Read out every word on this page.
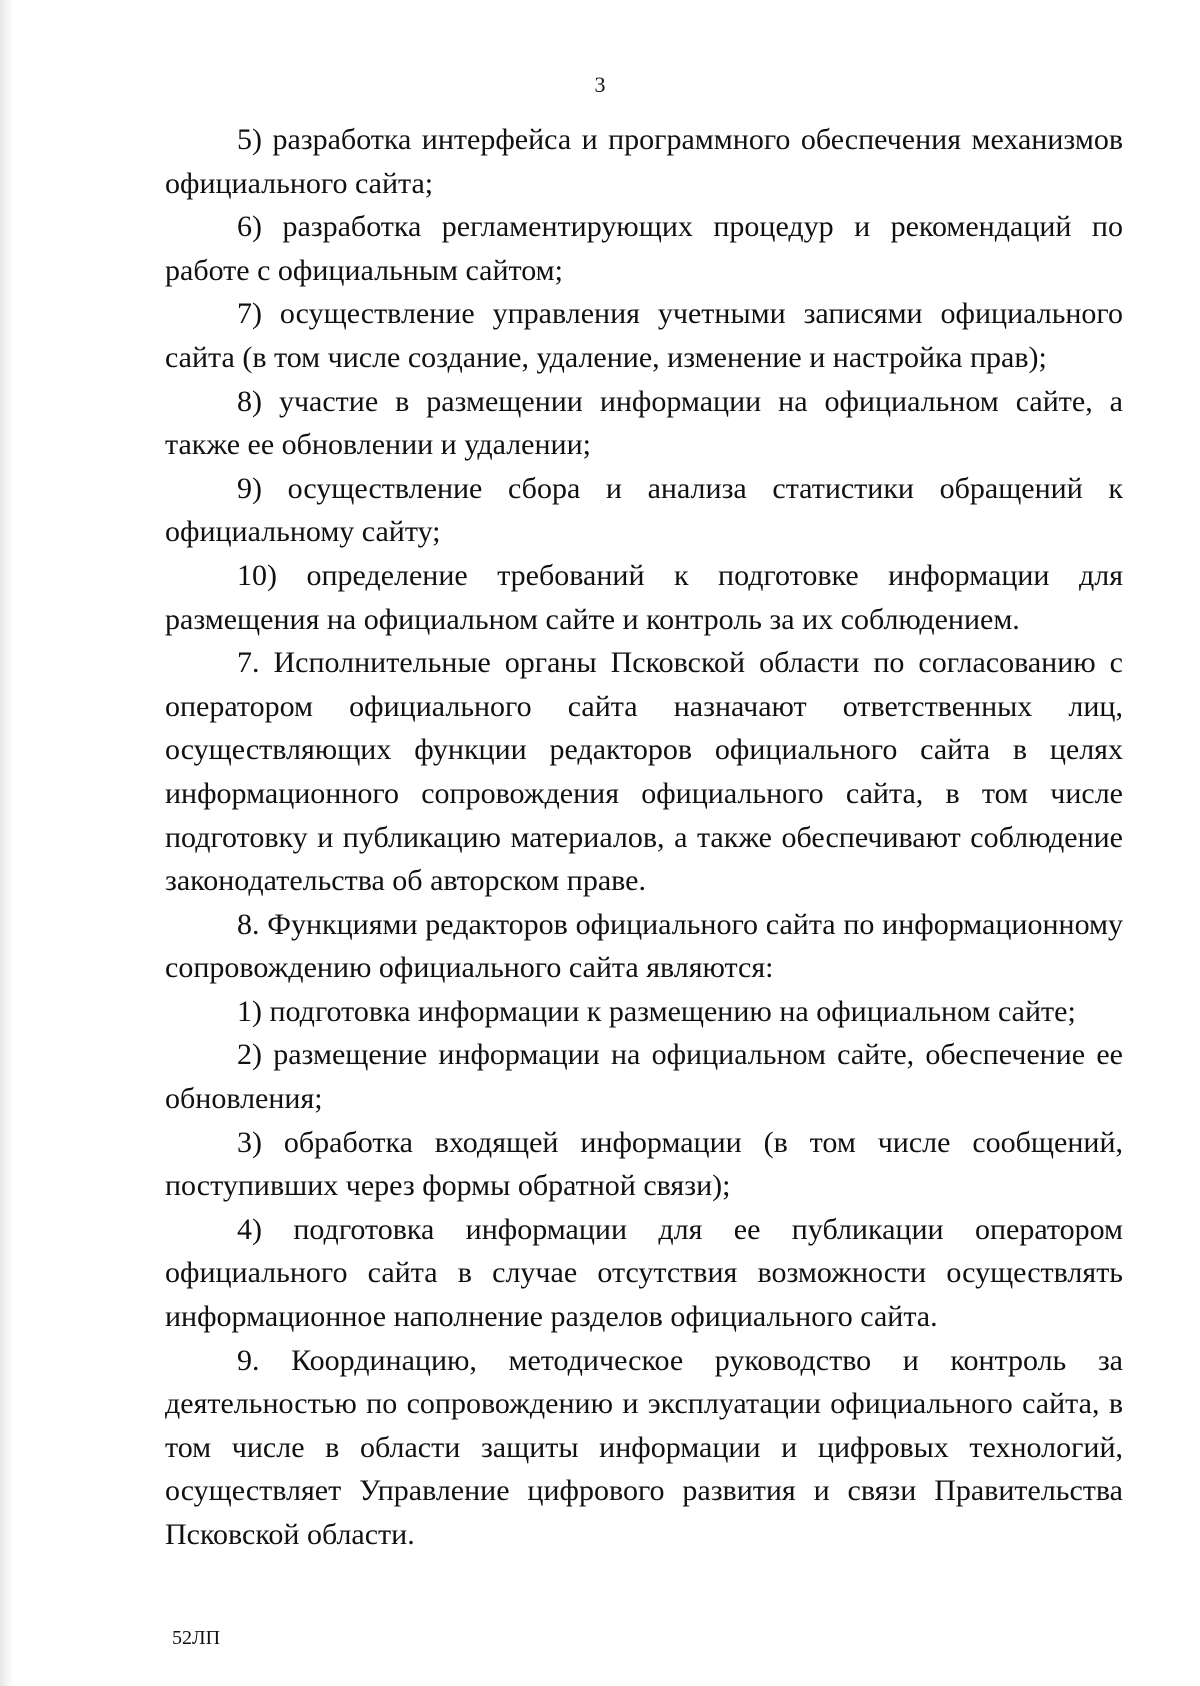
3

5) разработка интерфейса и программного обеспечения механизмов официального сайта;

6) разработка регламентирующих процедур и рекомендаций по работе с официальным сайтом;

7) осуществление управления учетными записями официального сайта (в том числе создание, удаление, изменение и настройка прав);

8) участие в размещении информации на официальном сайте, а также ее обновлении и удалении;

9) осуществление сбора и анализа статистики обращений к официальному сайту;

10) определение требований к подготовке информации для размещения на официальном сайте и контроль за их соблюдением.

7. Исполнительные органы Псковской области по согласованию с оператором официального сайта назначают ответственных лиц, осуществляющих функции редакторов официального сайта в целях информационного сопровождения официального сайта, в том числе подготовку и публикацию материалов, а также обеспечивают соблюдение законодательства об авторском праве.

8. Функциями редакторов официального сайта по информационному сопровождению официального сайта являются:

1) подготовка информации к размещению на официальном сайте;

2) размещение информации на официальном сайте, обеспечение ее обновления;

3) обработка входящей информации (в том числе сообщений, поступивших через формы обратной связи);

4) подготовка информации для ее публикации оператором официального сайта в случае отсутствия возможности осуществлять информационное наполнение разделов официального сайта.

9. Координацию, методическое руководство и контроль за деятельностью по сопровождению и эксплуатации официального сайта, в том числе в области защиты информации и цифровых технологий, осуществляет Управление цифрового развития и связи Правительства Псковской области.

52ЛП
